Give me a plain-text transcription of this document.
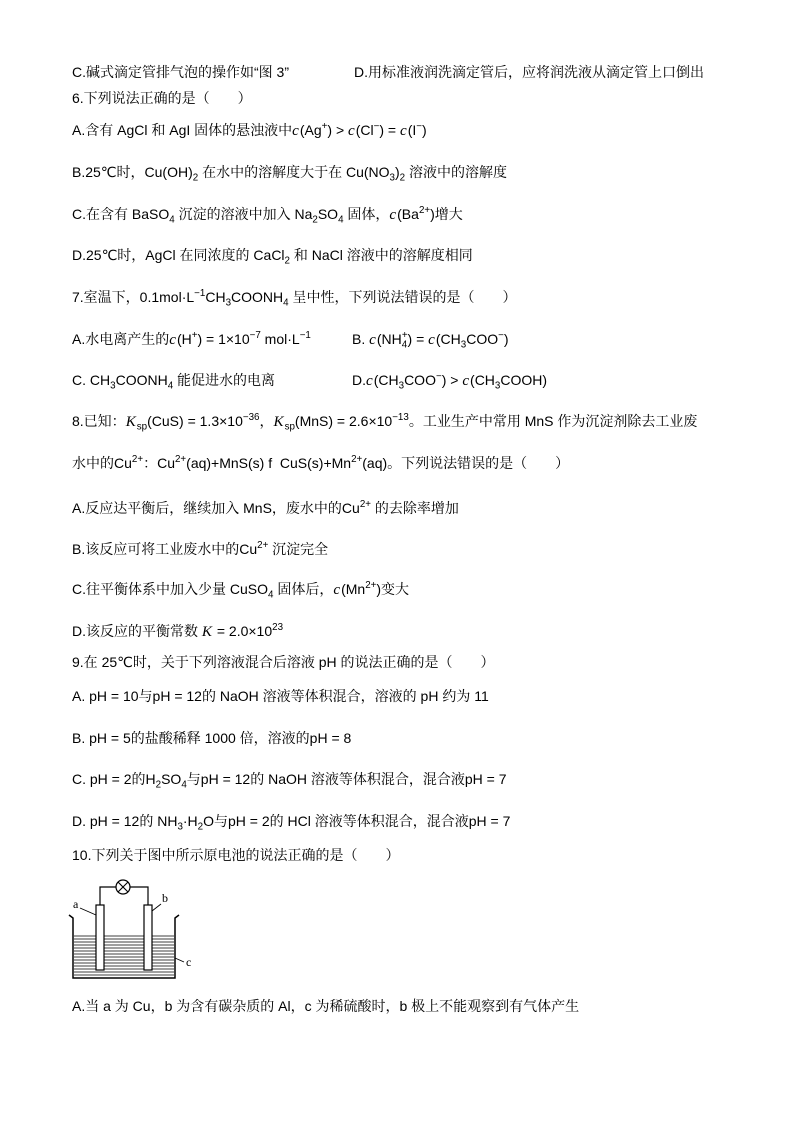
C.碱式滴定管排气泡的操作如“图 3”	D.用标准液润洗滴定管后，应将润洗液从滴定管上口倒出
6.下列说法正确的是（　　）
A.含有 AgCl 和 AgI 固体的悬浊液中c(Ag+) > c(Cl−) = c(I−)
B.25℃时，$Cu(OH)_2$ 在水中的溶解度大于在 $Cu(NO_3)_2$ 溶液中的溶解度
C.在含有 BaSO$_4$ 沉淀的溶液中加入 $Na_2SO_4$ 固体，$c(Ba^{2+})$增大
D.25℃时，AgCl 在同浓度的 CaCl$_2$ 和 NaCl 溶液中的溶解度相同
7.室温下，$0.1mol\cdot L^{-1}CH_3COONH_4$ 呈中性，下列说法错误的是（　　）
A.水电离产生的$c(H^+) = 1\times 10^{-7}$ $mol\cdot L^{-1}$	B. $c(NH_4^+) = c(CH_3COO^-)$
C. $CH_3COONH_4$ 能促进水的电离	$D.c(CH_3COO^-)$ > $c(CH_3COOH)$
8.已知：$K_{sp}(CuS) = 1.3\times 10^{-36}$，$K_{sp}(MnS) = 2.6\times 10^{-13}$。工业生产中常用 MnS 作为沉淀剂除去工业废
水中的$Cu^{2+}$：$Cu^{2+}(aq)+MnS(s)$ f  $CuS(s)+Mn^{2+}(aq)$。下列说法错误的是（　　）
A.反应达平衡后，继续加入 MnS，废水中的$Cu^{2+}$ 的去除率增加
B.该反应可将工业废水中的$Cu^{2+}$ 沉淀完全
C.往平衡体系中加入少量 CuSO$_4$ 固体后，$c(Mn^{2+})$变大
D.该反应的平衡常数 $K = 2.0\times 10^{23}$
9.在 25℃时，关于下列溶液混合后溶液 pH 的说法正确的是（　　）
A. pH = 10与pH = 12的 NaOH 溶液等体积混合，溶液的 pH 约为 11
B. pH = 5的盐酸稀释 1000 倍，溶液的pH = 8
C. pH = 2的$H_2SO_4$与pH = 12的 NaOH 溶液等体积混合，混合液pH = 7
D. pH = 12的 $NH_3\cdot H_2O$与pH = 2的 HCl 溶液等体积混合，混合液pH = 7
10.下列关于图中所示原电池的说法正确的是（　　）
a	b
c
A.当 a 为 Cu，b 为含有碳杂质的 Al，c 为稀硫酸时，b 极上不能观察到有气体产生
